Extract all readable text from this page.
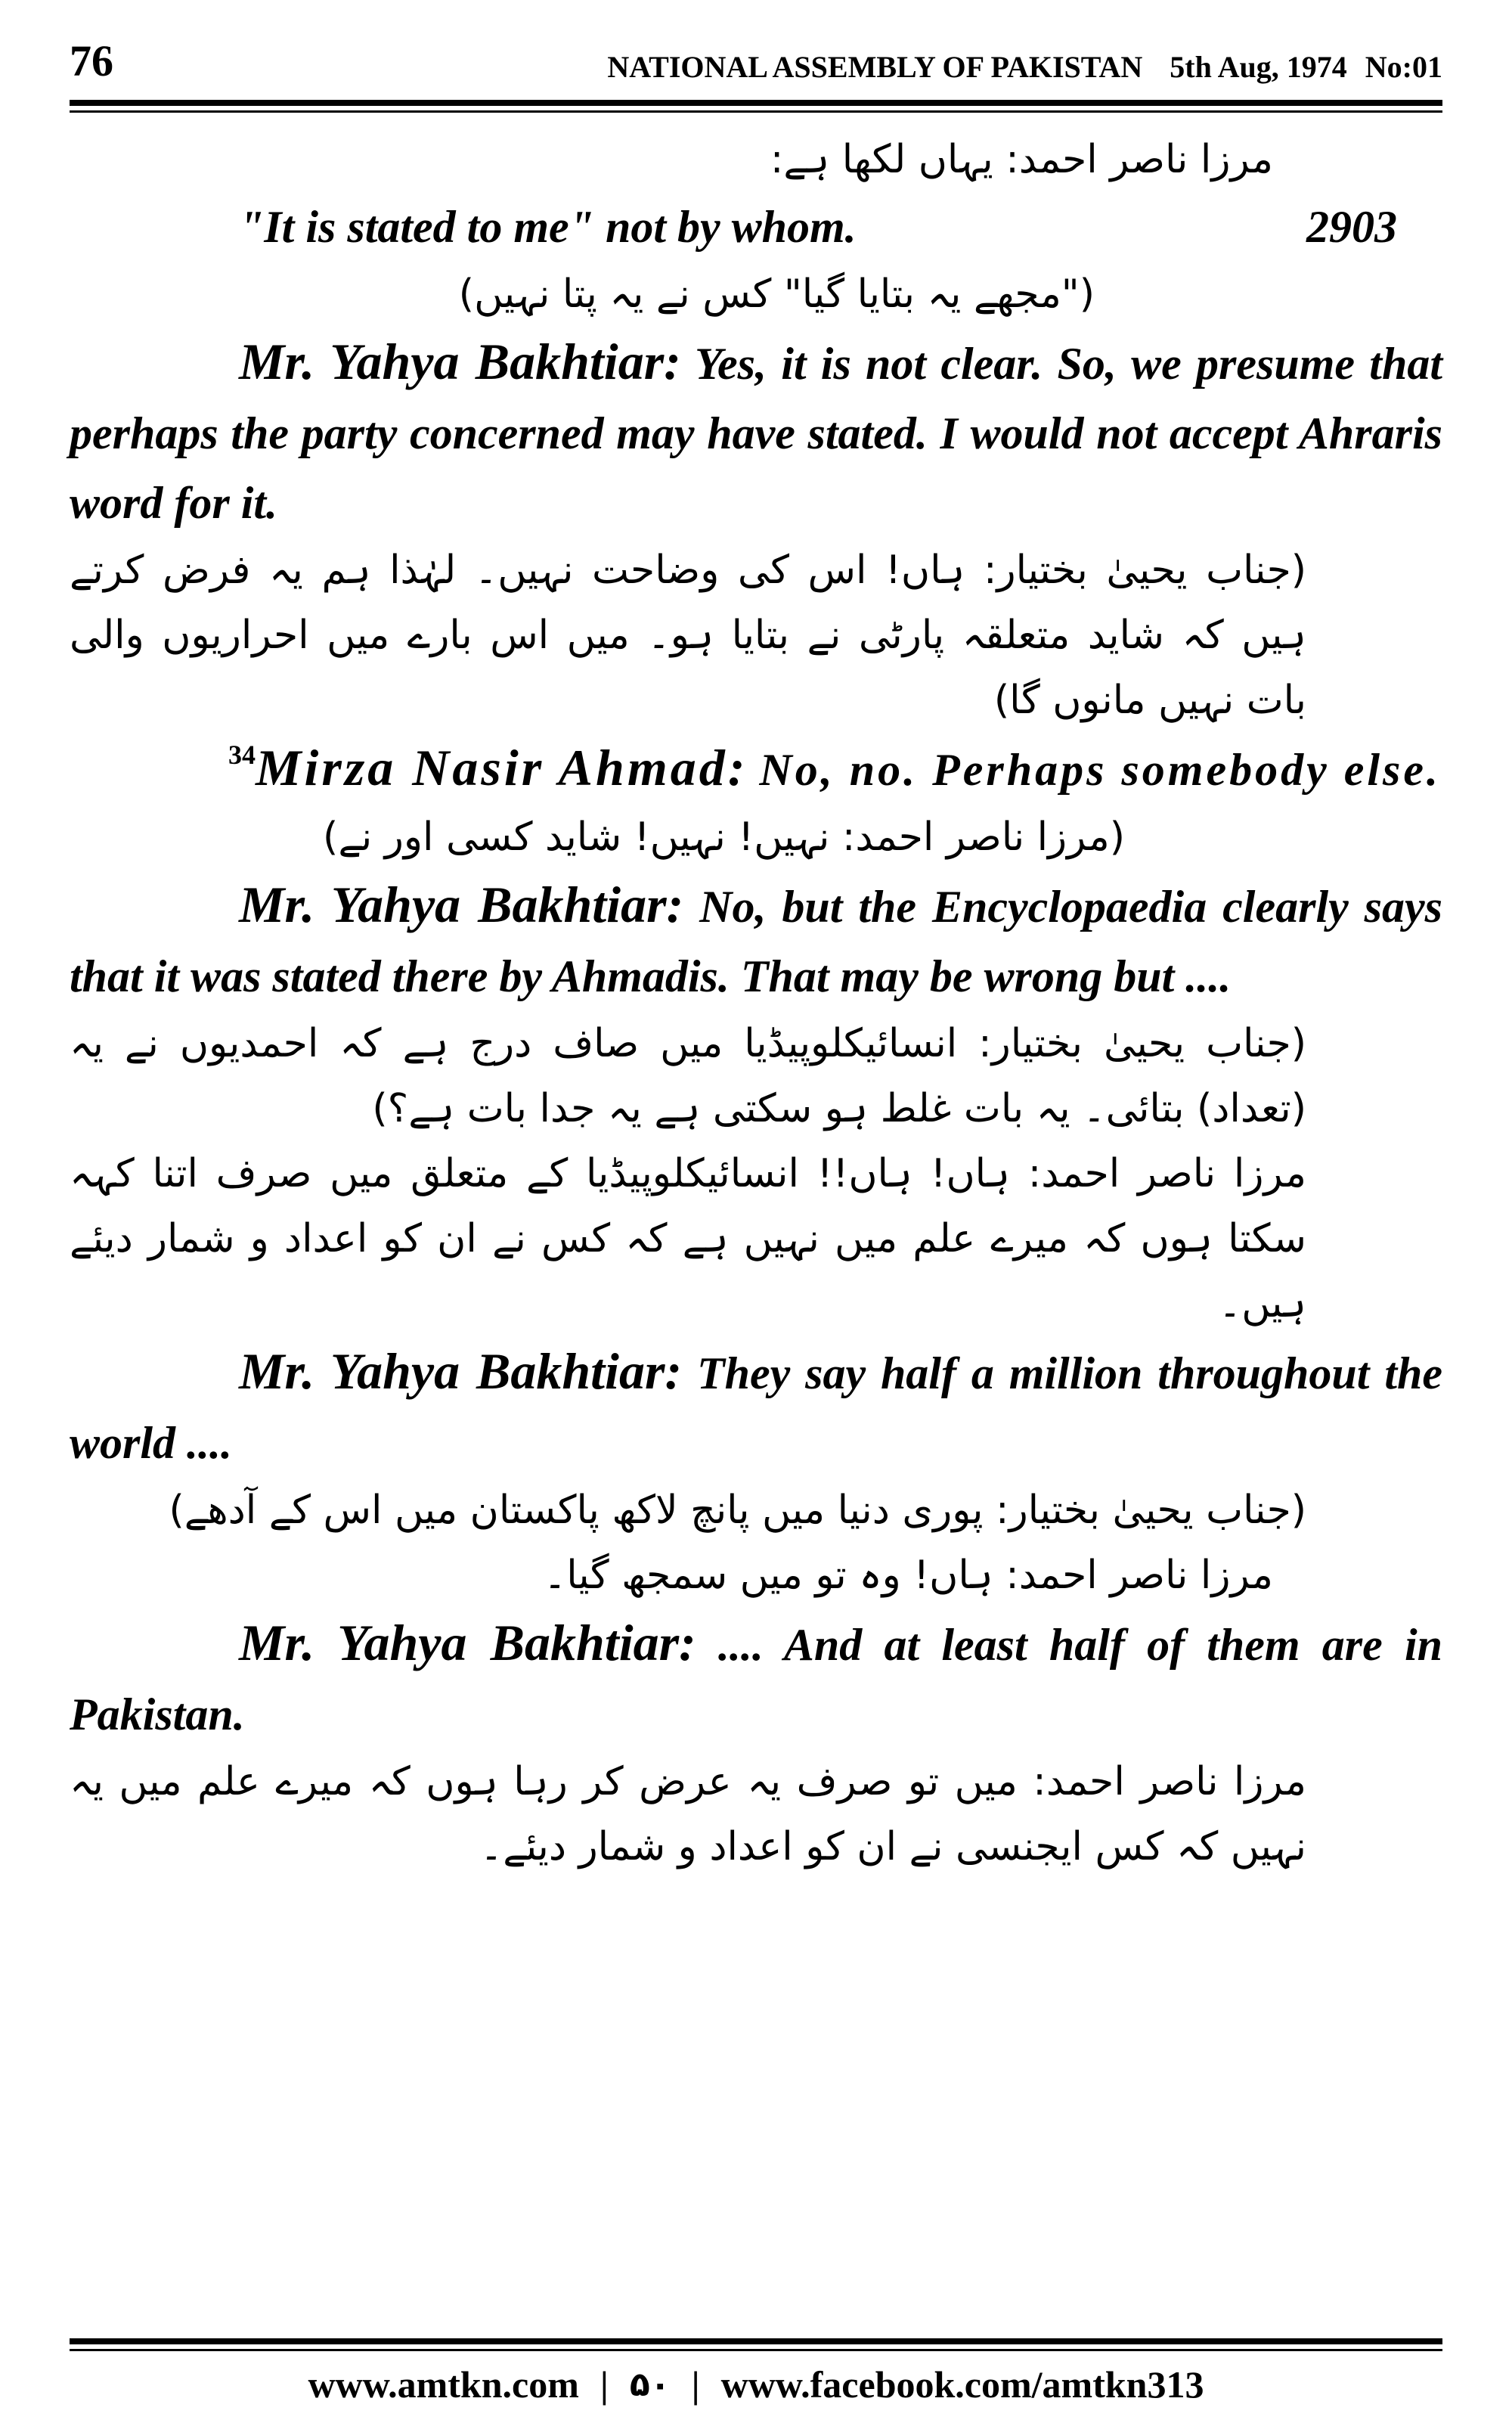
76	NATIONAL ASSEMBLY OF PAKISTAN 5th Aug, 1974 No:01

مرزا ناصر احمد: یہاں لکھا ہے:

"It is stated to me" not by whom.	2903

("مجھے یہ بتایا گیا" کس نے یہ پتا نہیں)

Mr. Yahya Bakhtiar: Yes, it is not clear. So, we presume that perhaps the party concerned may have stated. I would not accept Ahraris word for it.

(جناب یحییٰ بختیار: ہاں! اس کی وضاحت نہیں۔ لہٰذا ہم یہ فرض کرتے ہیں کہ شاید متعلقہ پارٹی نے بتایا ہو۔ میں اس بارے میں احراریوں والی بات نہیں مانوں گا)

$^{34}$Mirza Nasir Ahmad: No, no. Perhaps somebody else.

(مرزا ناصر احمد: نہیں! نہیں! شاید کسی اور نے)

Mr. Yahya Bakhtiar: No, but the Encyclopaedia clearly says that it was stated there by Ahmadis. That may be wrong but ....

(جناب یحییٰ بختیار: انسائیکلوپیڈیا میں صاف درج ہے کہ احمدیوں نے یہ (تعداد) بتائی۔ یہ بات غلط ہو سکتی ہے یہ جدا بات ہے؟)

مرزا ناصر احمد: ہاں! ہاں!! انسائیکلوپیڈیا کے متعلق میں صرف اتنا کہہ سکتا ہوں کہ میرے علم میں نہیں ہے کہ کس نے ان کو اعداد و شمار دیئے ہیں۔

Mr. Yahya Bakhtiar: They say half a million throughout the world ....

(جناب یحییٰ بختیار: پوری دنیا میں پانچ لاکھ پاکستان میں اس کے آدھے)

مرزا ناصر احمد: ہاں! وہ تو میں سمجھ گیا۔

Mr. Yahya Bakhtiar: .... And at least half of them are in Pakistan.

مرزا ناصر احمد: میں تو صرف یہ عرض کر رہا ہوں کہ میرے علم میں یہ نہیں کہ کس ایجنسی نے ان کو اعداد و شمار دیئے۔

www.amtkn.com | ۵۰ | www.facebook.com/amtkn313
